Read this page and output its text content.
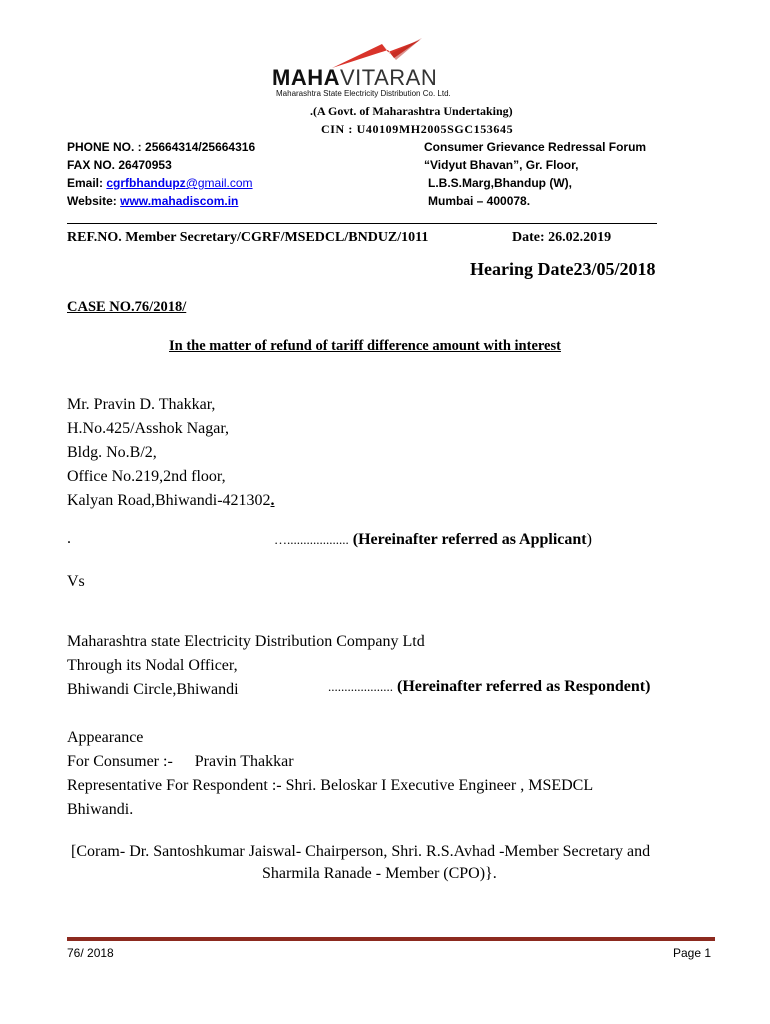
MAHAVITARAN
Maharashtra State Electricity Distribution Co. Ltd.
.(A Govt. of Maharashtra Undertaking)
CIN : U40109MH2005SGC153645
PHONE NO. : 25664314/25664316
FAX NO. 26470953
Email: cgrfbhandupz@gmail.com
Website: www.mahadiscom.in
Consumer Grievance Redressal Forum
“Vidyut Bhavan”, Gr. Floor,
L.B.S.Marg,Bhandup (W),
Mumbai – 400078.
REF.NO. Member Secretary/CGRF/MSEDCL/BNDUZ/1011	Date: 26.02.2019
Hearing Date23/05/2018
CASE NO.76/2018/
In the matter of refund of tariff difference amount with interest
Mr. Pravin D. Thakkar,
H.No.425/Asshok Nagar,
Bldg. No.B/2,
Office No.219,2nd floor,
Kalyan Road,Bhiwandi-421302.
.	…................... (Hereinafter referred as Applicant)
Vs
Maharashtra state Electricity Distribution Company Ltd
Through its Nodal Officer,
Bhiwandi Circle,Bhiwandi	.................... (Hereinafter referred as Respondent)
Appearance
For Consumer :- Pravin Thakkar
Representative For Respondent :- Shri. Beloskar I Executive Engineer , MSEDCL
Bhiwandi.
[Coram- Dr. Santoshkumar Jaiswal- Chairperson, Shri. R.S.Avhad -Member Secretary and
Sharmila Ranade - Member (CPO)}.
76/ 2018	Page 1
